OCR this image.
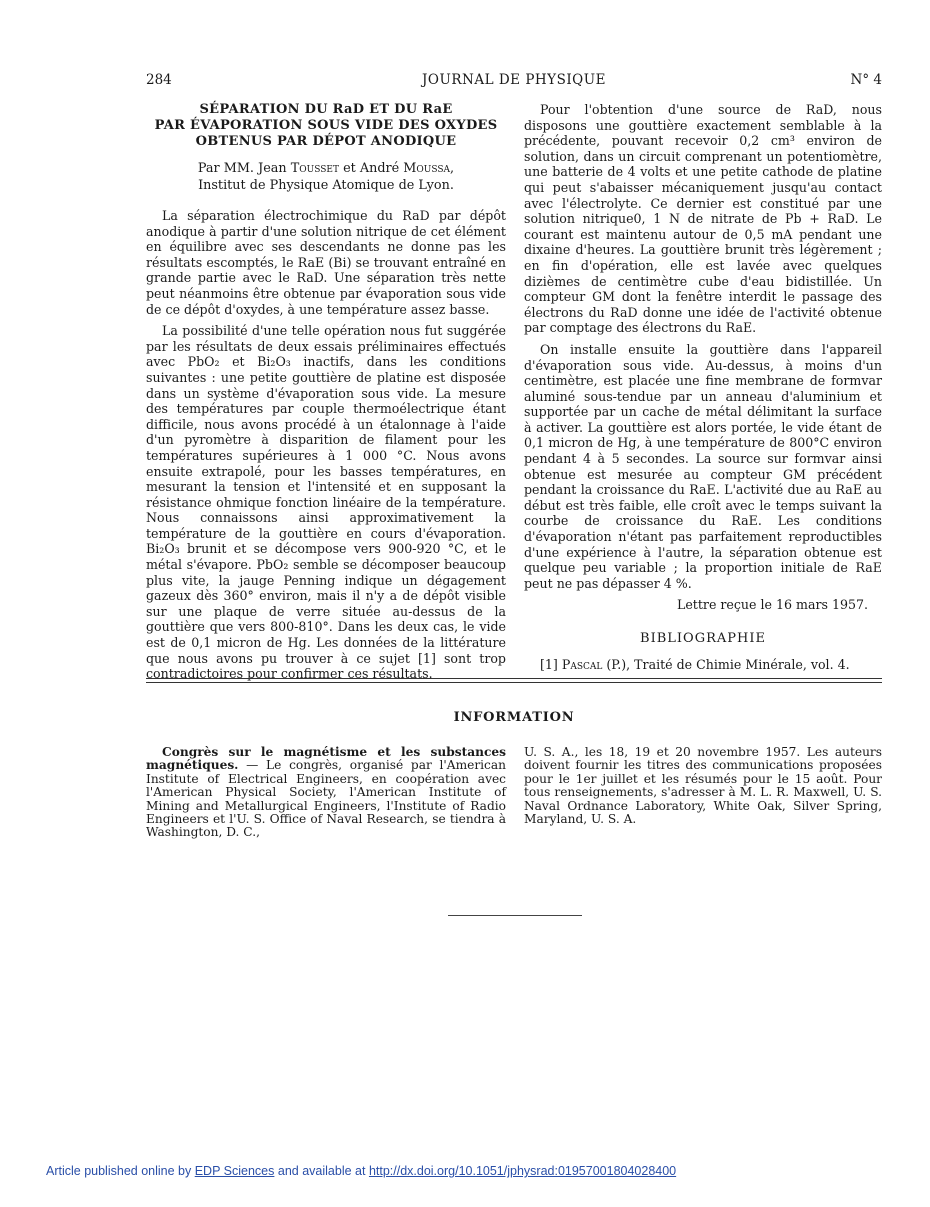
284	JOURNAL DE PHYSIQUE	N° 4
SÉPARATION DU RaD ET DU RaE
PAR ÉVAPORATION SOUS VIDE DES OXYDES
OBTENUS PAR DÉPOT ANODIQUE
Par MM. Jean Tousset et André Moussa,
Institut de Physique Atomique de Lyon.

La séparation électrochimique du RaD par dépôt anodique à partir d'une solution nitrique de cet élément en équilibre avec ses descendants ne donne pas les résultats escomptés, le RaE (Bi) se trouvant entraîné en grande partie avec le RaD. Une séparation très nette peut néanmoins être obtenue par évaporation sous vide de ce dépôt d'oxydes, à une température assez basse.

La possibilité d'une telle opération nous fut suggérée par les résultats de deux essais préliminaires effectués avec PbO₂ et Bi₂O₃ inactifs, dans les conditions suivantes : une petite gouttière de platine est disposée dans un système d'évaporation sous vide. La mesure des températures par couple thermoélectrique étant difficile, nous avons procédé à un étalonnage à l'aide d'un pyromètre à disparition de filament pour les températures supérieures à 1 000 °C. Nous avons ensuite extrapolé, pour les basses températures, en mesurant la tension et l'intensité et en supposant la résistance ohmique fonction linéaire de la température. Nous connaissons ainsi approximativement la température de la gouttière en cours d'évaporation. Bi₂O₃ brunit et se décompose vers 900-920 °C, et le métal s'évapore. PbO₂ semble se décomposer beaucoup plus vite, la jauge Penning indique un dégagement gazeux dès 360° environ, mais il n'y a de dépôt visible sur une plaque de verre située au-dessus de la gouttière que vers 800-810°. Dans les deux cas, le vide est de 0,1 micron de Hg. Les données de la littérature que nous avons pu trouver à ce sujet [1] sont trop contradictoires pour confirmer ces résultats.

Pour l'obtention d'une source de RaD, nous disposons une gouttière exactement semblable à la précédente, pouvant recevoir 0,2 cm³ environ de solution, dans un circuit comprenant un potentiomètre, une batterie de 4 volts et une petite cathode de platine qui peut s'abaisser mécaniquement jusqu'au contact avec l'électrolyte. Ce dernier est constitué par une solution nitrique0, 1 N de nitrate de Pb + RaD. Le courant est maintenu autour de 0,5 mA pendant une dixaine d'heures. La gouttière brunit très légèrement ; en fin d'opération, elle est lavée avec quelques dizièmes de centimètre cube d'eau bidistillée. Un compteur GM dont la fenêtre interdit le passage des électrons du RaD donne une idée de l'activité obtenue par comptage des électrons du RaE.

On installe ensuite la gouttière dans l'appareil d'évaporation sous vide. Au-dessus, à moins d'un centimètre, est placée une fine membrane de formvar aluminé sous-tendue par un anneau d'aluminium et supportée par un cache de métal délimitant la surface à activer. La gouttière est alors portée, le vide étant de 0,1 micron de Hg, à une température de 800°C environ pendant 4 à 5 secondes. La source sur formvar ainsi obtenue est mesurée au compteur GM précédent pendant la croissance du RaE. L'activité due au RaE au début est très faible, elle croît avec le temps suivant la courbe de croissance du RaE. Les conditions d'évaporation n'étant pas parfaitement reproductibles d'une expérience à l'autre, la séparation obtenue est quelque peu variable ; la proportion initiale de RaE peut ne pas dépasser 4 %.

Lettre reçue le 16 mars 1957.
BIBLIOGRAPHIE

[1] Pascal (P.), Traité de Chimie Minérale, vol. 4.

INFORMATION

Congrès sur le magnétisme et les substances magnétiques. — Le congrès, organisé par l'American Institute of Electrical Engineers, en coopération avec l'American Physical Society, l'American Institute of Mining and Metallurgical Engineers, l'Institute of Radio Engineers et l'U. S. Office of Naval Research, se tiendra à Washington, D. C.,

U. S. A., les 18, 19 et 20 novembre 1957. Les auteurs doivent fournir les titres des communications proposées pour le 1er juillet et les résumés pour le 15 août. Pour tous renseignements, s'adresser à M. L. R. Maxwell, U. S. Naval Ordnance Laboratory, White Oak, Silver Spring, Maryland, U. S. A.

Article published online by EDP Sciences and available at http://dx.doi.org/10.1051/jphysrad:01957001804028400
